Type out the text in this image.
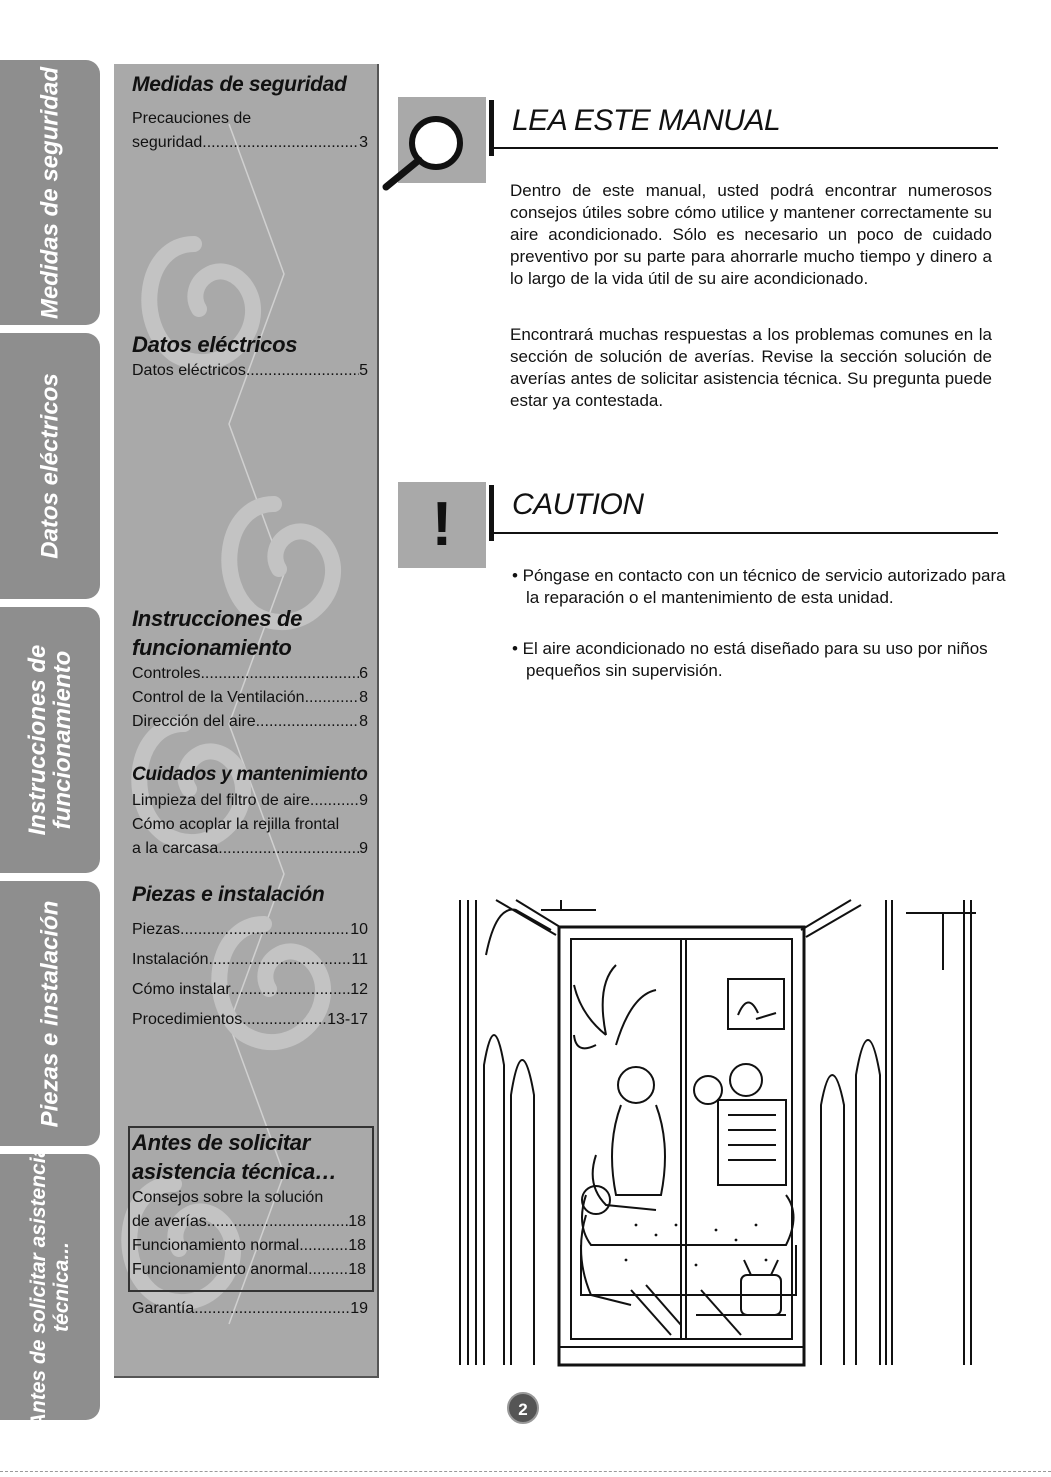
Medidas de seguridad
Datos eléctricos
Instrucciones de
funcionamiento
Piezas e instalación
Antes de solicitar asistencia técnica...
Medidas de seguridad
Precauciones de
seguridad .....	3
Datos eléctricos
Datos eléctricos .....	5
Instrucciones de
funcionamiento
Controles .....	6
Control de la Ventilación .....	8
Dirección del aire .....	8
Cuidados y mantenimiento
Limpieza del filtro de aire .....	9
Cómo acoplar la rejilla frontal
a la carcasa .....	9
Piezas e instalación
Piezas .....	10
Instalación .....	11
Cómo instalar .....	12
Procedimientos .....	13-17
Antes de solicitar
asistencia técnica…
Consejos sobre la solución
de averías .....	18
Funcionamiento normal .....	18
Funcionamiento anormal. ..... 18
Garantía .....	19
LEA ESTE MANUAL

Dentro de este manual, usted podrá encontrar numerosos consejos útiles sobre cómo utilice y mantener correctamente su aire acondicionado. Sólo es necesario un poco de cuidado preventivo por su parte para ahorrarle mucho tiempo y dinero a lo largo de la vida útil de su aire acondicionado.

Encontrará muchas respuestas a los problemas comunes en la sección de solución de averías. Revise la sección solución de averías antes de solicitar asistencia técnica. Su pregunta puede estar ya contestada.

!	CAUTION

• Póngase en contacto con un técnico de servicio autorizado para la reparación o el mantenimiento de esta unidad.

• El aire acondicionado no está diseñado para su uso por niños pequeños sin supervisión.

2
